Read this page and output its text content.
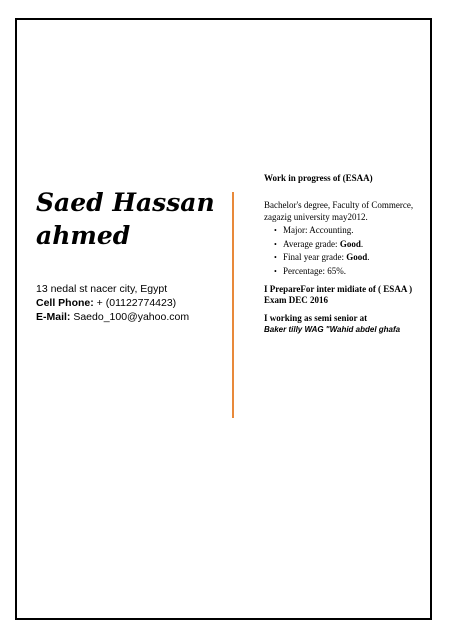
Saed Hassan
ahmed
13 nedal st nacer city, Egypt
Cell Phone: + (01122774423)
E-Mail: Saedo_100@yahoo.com
Work in progress of (ESAA)
Bachelor's degree, Faculty of Commerce, zagazig university may2012.
• Major: Accounting.
• Average grade: Good.
• Final year grade: Good.
• Percentage: 65%.
I PrepareFor inter midiate of ( ESAA ) Exam DEC 2016
I working as semi senior at
Baker tilly WAG "Wahid abdel ghafa
